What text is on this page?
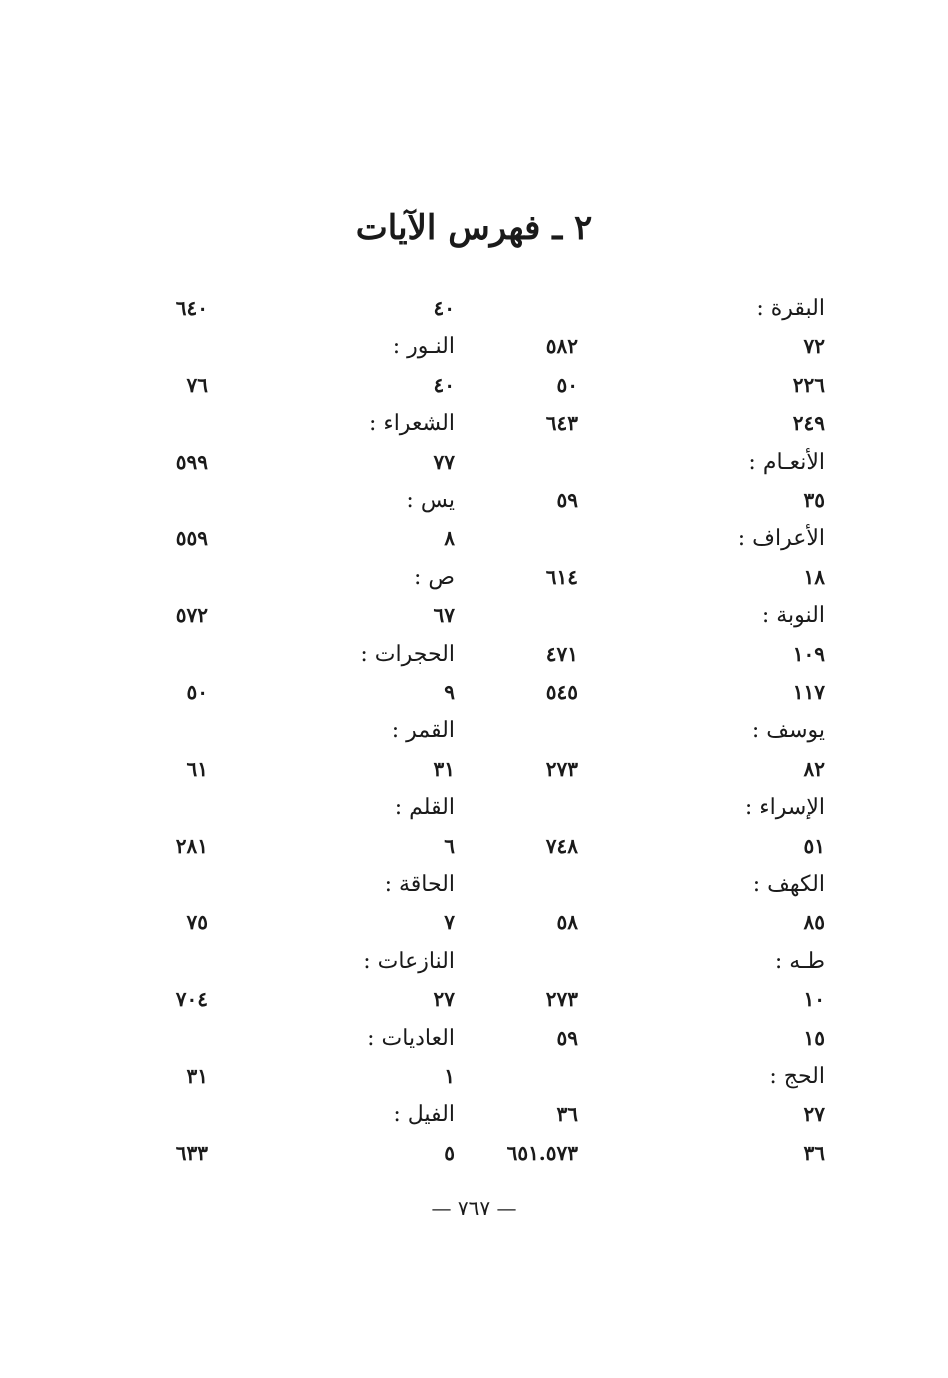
٢ ـ فهرس الآيات
البقرة :
٧٢
٢٢٦
٢٤٩
الأنعـام :
٣٥
الأعراف :
١٨
النوبة :
١٠٩
١١٧
يوسف :
٨٢
الإسراء :
٥١
الكهف :
٨٥
طـه :
١٠
١٥
الحج :
٢٧
٣٦
٥٨٢
٥٠
٦٤٣
٥٩
٦١٤
٤٧١
٥٤٥
٢٧٣
٧٤٨
٥٨
٢٧٣
٥٩
٣٦
٦٥١.٥٧٣
٤٠
النـور :
٤٠
الشعراء :
٧٧
يس :
٨
ص :
٦٧
الحجرات :
٩
القمر :
٣١
القلم :
٦
الحاقة :
٧
النازعات :
٢٧
العاديات :
١
الفيل :
٥
٦٤٠
٧٦
٥٩٩
٥٥٩
٥٧٢
٥٠
٦١
٢٨١
٧٥
٧٠٤
٣١
٦٣٣
— ٧٦٧ —
